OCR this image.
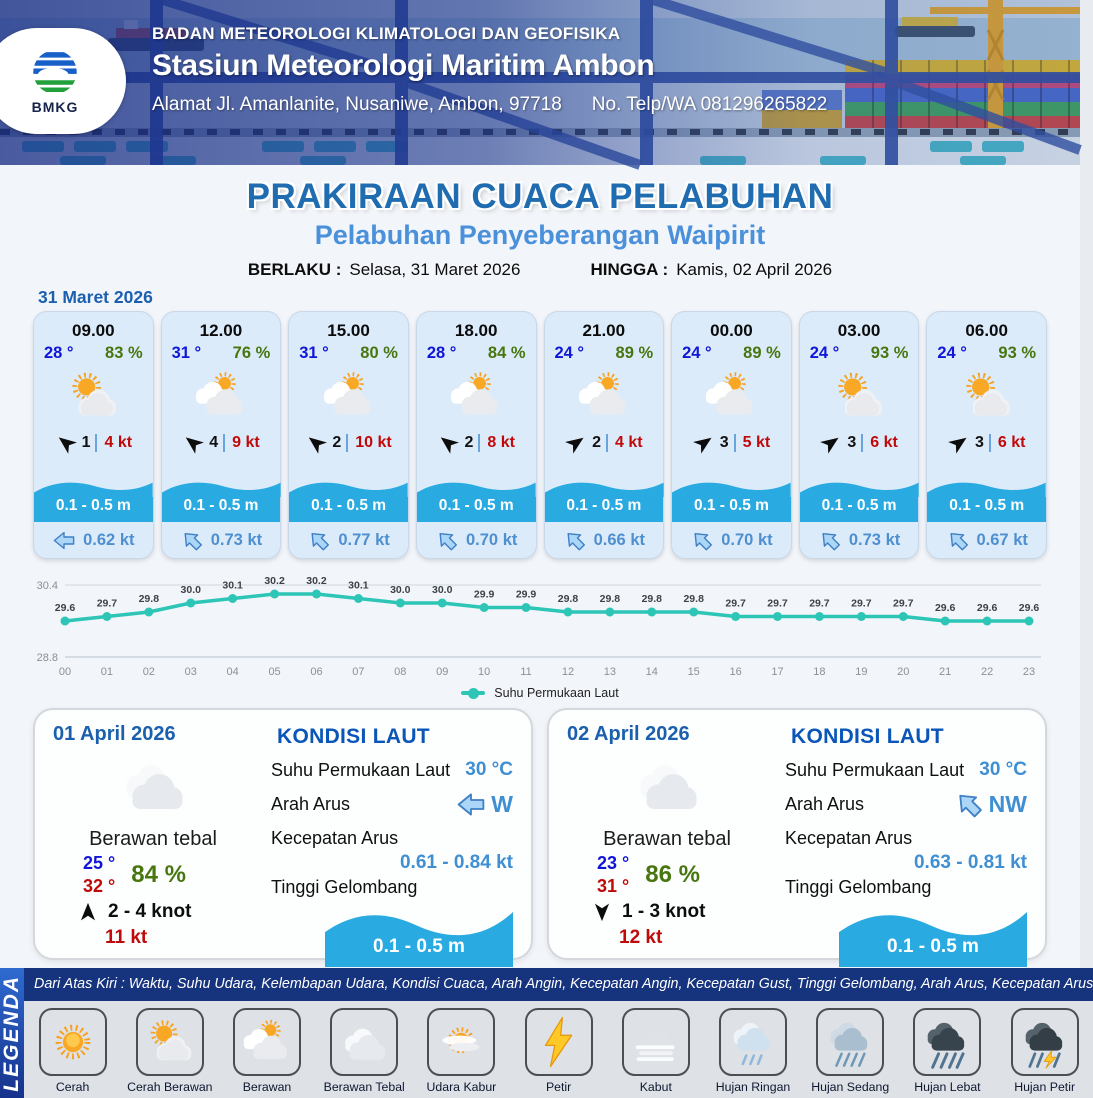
BMKG
BADAN METEOROLOGI KLIMATOLOGI DAN GEOFISIKA
Stasiun Meteorologi Maritim Ambon
Alamat Jl. Amanlanite, Nusaniwe, Ambon, 97718 No. Telp/WA 081296265822
PRAKIRAAN CUACA PELABUHAN
Pelabuhan Penyeberangan Waipirit
BERLAKU : Selasa, 31 Maret 2026	HINGGA : Kamis, 02 April 2026
31 Maret 2026
09.00
28 ° 83 %
1 4 kt
0.1 - 0.5 m
0.62 kt
12.00
31 ° 76 %
4 9 kt
0.1 - 0.5 m
0.73 kt
15.00
31 ° 80 %
2 10 kt
0.1 - 0.5 m
0.77 kt
18.00
28 ° 84 %
2 8 kt
0.1 - 0.5 m
0.70 kt
21.00
24 ° 89 %
2 4 kt
0.1 - 0.5 m
0.66 kt
00.00
24 ° 89 %
3 5 kt
0.1 - 0.5 m
0.70 kt
03.00
24 ° 93 %
3 6 kt
0.1 - 0.5 m
0.73 kt
06.00
24 ° 93 %
3 6 kt
0.1 - 0.5 m
0.67 kt
30.4
28.8
29.6
00
29.7
01
29.8
02
30.0
03
30.1
04
30.2
05
30.2
06
30.1
07
30.0
08
30.0
09
29.9
10
29.9
11
29.8
12
29.8
13
29.8
14
29.8
15
29.7
16
29.7
17
29.7
18
29.7
19
29.7
20
29.6
21
29.6
22
29.6
23
Suhu Permukaan Laut
01 April 2026
Berawan tebal
25 °
32 ° 84 %
2 - 4 knot
11 kt
KONDISI LAUT
Suhu Permukaan Laut 30 °C
Arah Arus	W
Kecepatan Arus
0.61 - 0.84 kt
Tinggi Gelombang
0.1 - 0.5 m
02 April 2026
Berawan tebal
23 °
31 ° 86 %
1 - 3 knot
12 kt
KONDISI LAUT
Suhu Permukaan Laut 30 °C
Arah Arus	NW
Kecepatan Arus
0.63 - 0.81 kt
Tinggi Gelombang
0.1 - 0.5 m
LEGENDA Dari Atas Kiri : Waktu, Suhu Udara, Kelembapan Udara, Kondisi Cuaca, Arah Angin, Kecepatan Angin, Kecepatan Gust, Tinggi Gelombang, Arah Arus, Kecepatan Arus
Cerah	Cerah Berawan Berawan	Berawan Tebal Udara Kabur	Petir	Kabut	Hujan Ringan Hujan Sedang Hujan Lebat	Hujan Petir
